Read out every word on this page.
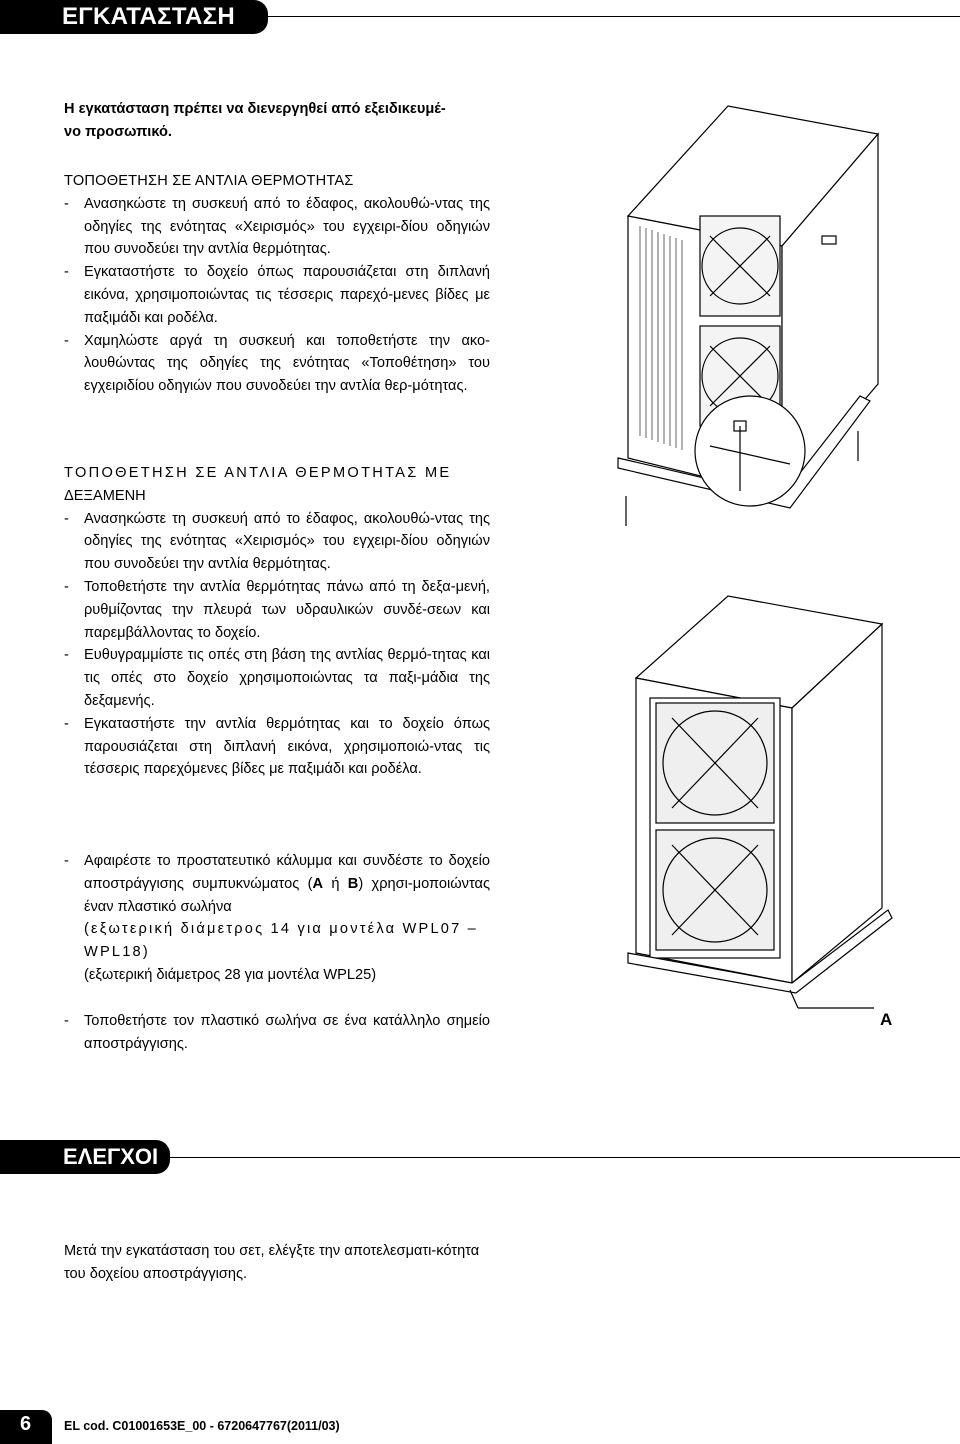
ΕΓΚΑΤΑΣΤΑΣΗ

Η εγκατάσταση πρέπει να διενεργηθεί από εξειδικευμέ-

νο προσωπικό.

ΤΟΠΟΘΕΤΗΣΗ ΣΕ ΑΝΤΛΙΑ ΘΕΡΜΟΤΗΤΑΣ

- Ανασηκώστε τη συσκευή από το έδαφος, ακολουθώ-ντας της οδηγίες της ενότητας «Χειρισμός» του εγχειρι-δίου οδηγιών που συνοδεύει την αντλία θερμότητας.

- Εγκαταστήστε το δοχείο όπως παρουσιάζεται στη διπλανή εικόνα, χρησιμοποιώντας τις τέσσερις παρεχό-μενες βίδες με παξιμάδι και ροδέλα.

- Χαμηλώστε αργά τη συσκευή και τοποθετήστε την ακο-λουθώντας της οδηγίες της ενότητας «Τοποθέτηση» του εγχειριδίου οδηγιών που συνοδεύει την αντλία θερ-μότητας.

ΤΟΠΟΘΕΤΗΣΗ ΣΕ ΑΝΤΛΙΑ ΘΕΡΜΟΤΗΤΑΣ ΜΕ

ΔΕΞΑΜΕΝΗ

- Ανασηκώστε τη συσκευή από το έδαφος, ακολουθώ-ντας της οδηγίες της ενότητας «Χειρισμός» του εγχειρι-δίου οδηγιών που συνοδεύει την αντλία θερμότητας.

- Τοποθετήστε την αντλία θερμότητας πάνω από τη δεξα-μενή, ρυθμίζοντας την πλευρά των υδραυλικών συνδέ-σεων και παρεμβάλλοντας το δοχείο.

- Ευθυγραμμίστε τις οπές στη βάση της αντλίας θερμό-τητας και τις οπές στο δοχείο χρησιμοποιώντας τα παξι-μάδια της δεξαμενής.

- Εγκαταστήστε την αντλία θερμότητας και το δοχείο όπως παρουσιάζεται στη διπλανή εικόνα, χρησιμοποιώ-ντας τις τέσσερις παρεχόμενες βίδες με παξιμάδι και ροδέλα.

- Αφαιρέστε το προστατευτικό κάλυμμα και συνδέστε το δοχείο αποστράγγισης συμπυκνώματος (A ή B) χρησι-μοποιώντας έναν πλαστικό σωλήνα

(εξωτερική διάμετρος 14 για μοντέλα WPL07 – WPL18)

(εξωτερική διάμετρος 28 για μοντέλα WPL25)

- Τοποθετήστε τον πλαστικό σωλήνα σε ένα κατάλληλο σημείο αποστράγγισης.

A
ΕΛΕΓΧΟΙ

Μετά την εγκατάσταση του σετ, ελέγξτε την αποτελεσματι-κότητα του δοχείου αποστράγγισης.

6	EL cod. C01001653E_00 - 6720647767(2011/03)
